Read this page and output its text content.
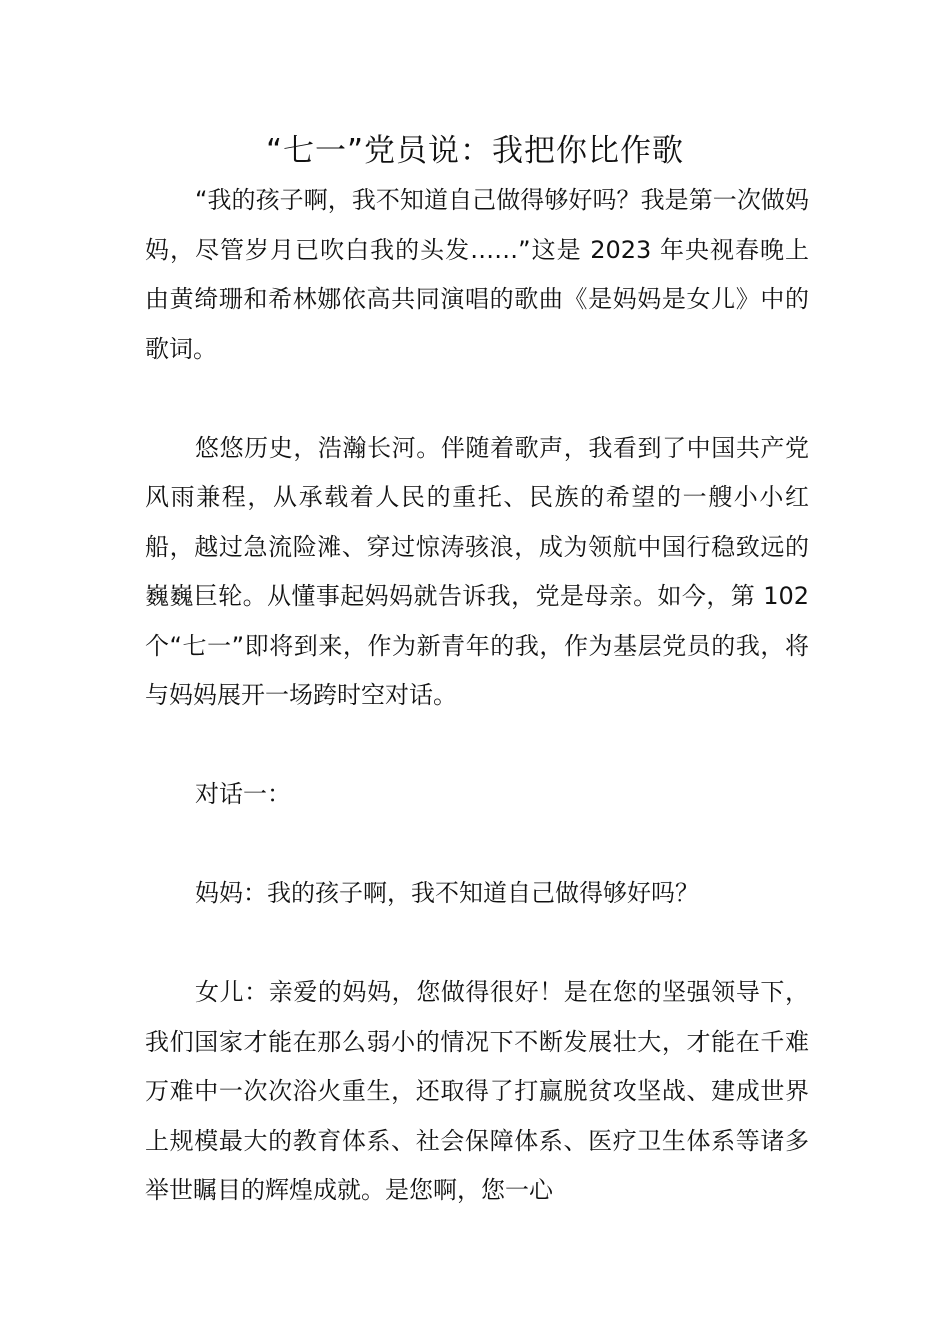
“七一”党员说：我把你比作歌

“我的孩子啊，我不知道自己做得够好吗？我是第一次做妈妈，尽管岁月已吹白我的头发……”这是 2023 年央视春晚上由黄绮珊和希林娜依高共同演唱的歌曲《是妈妈是女儿》中的歌词。

悠悠历史，浩瀚长河。伴随着歌声，我看到了中国共产党风雨兼程，从承载着人民的重托、民族的希望的一艘小小红船，越过急流险滩、穿过惊涛骇浪，成为领航中国行稳致远的巍巍巨轮。从懂事起妈妈就告诉我，党是母亲。如今，第 102 个“七一”即将到来，作为新青年的我，作为基层党员的我，将与妈妈展开一场跨时空对话。

对话一：

妈妈：我的孩子啊，我不知道自己做得够好吗？

女儿：亲爱的妈妈，您做得很好！是在您的坚强领导下，我们国家才能在那么弱小的情况下不断发展壮大，才能在千难万难中一次次浴火重生，还取得了打赢脱贫攻坚战、建成世界上规模最大的教育体系、社会保障体系、医疗卫生体系等诸多举世瞩目的辉煌成就。是您啊，您一心
